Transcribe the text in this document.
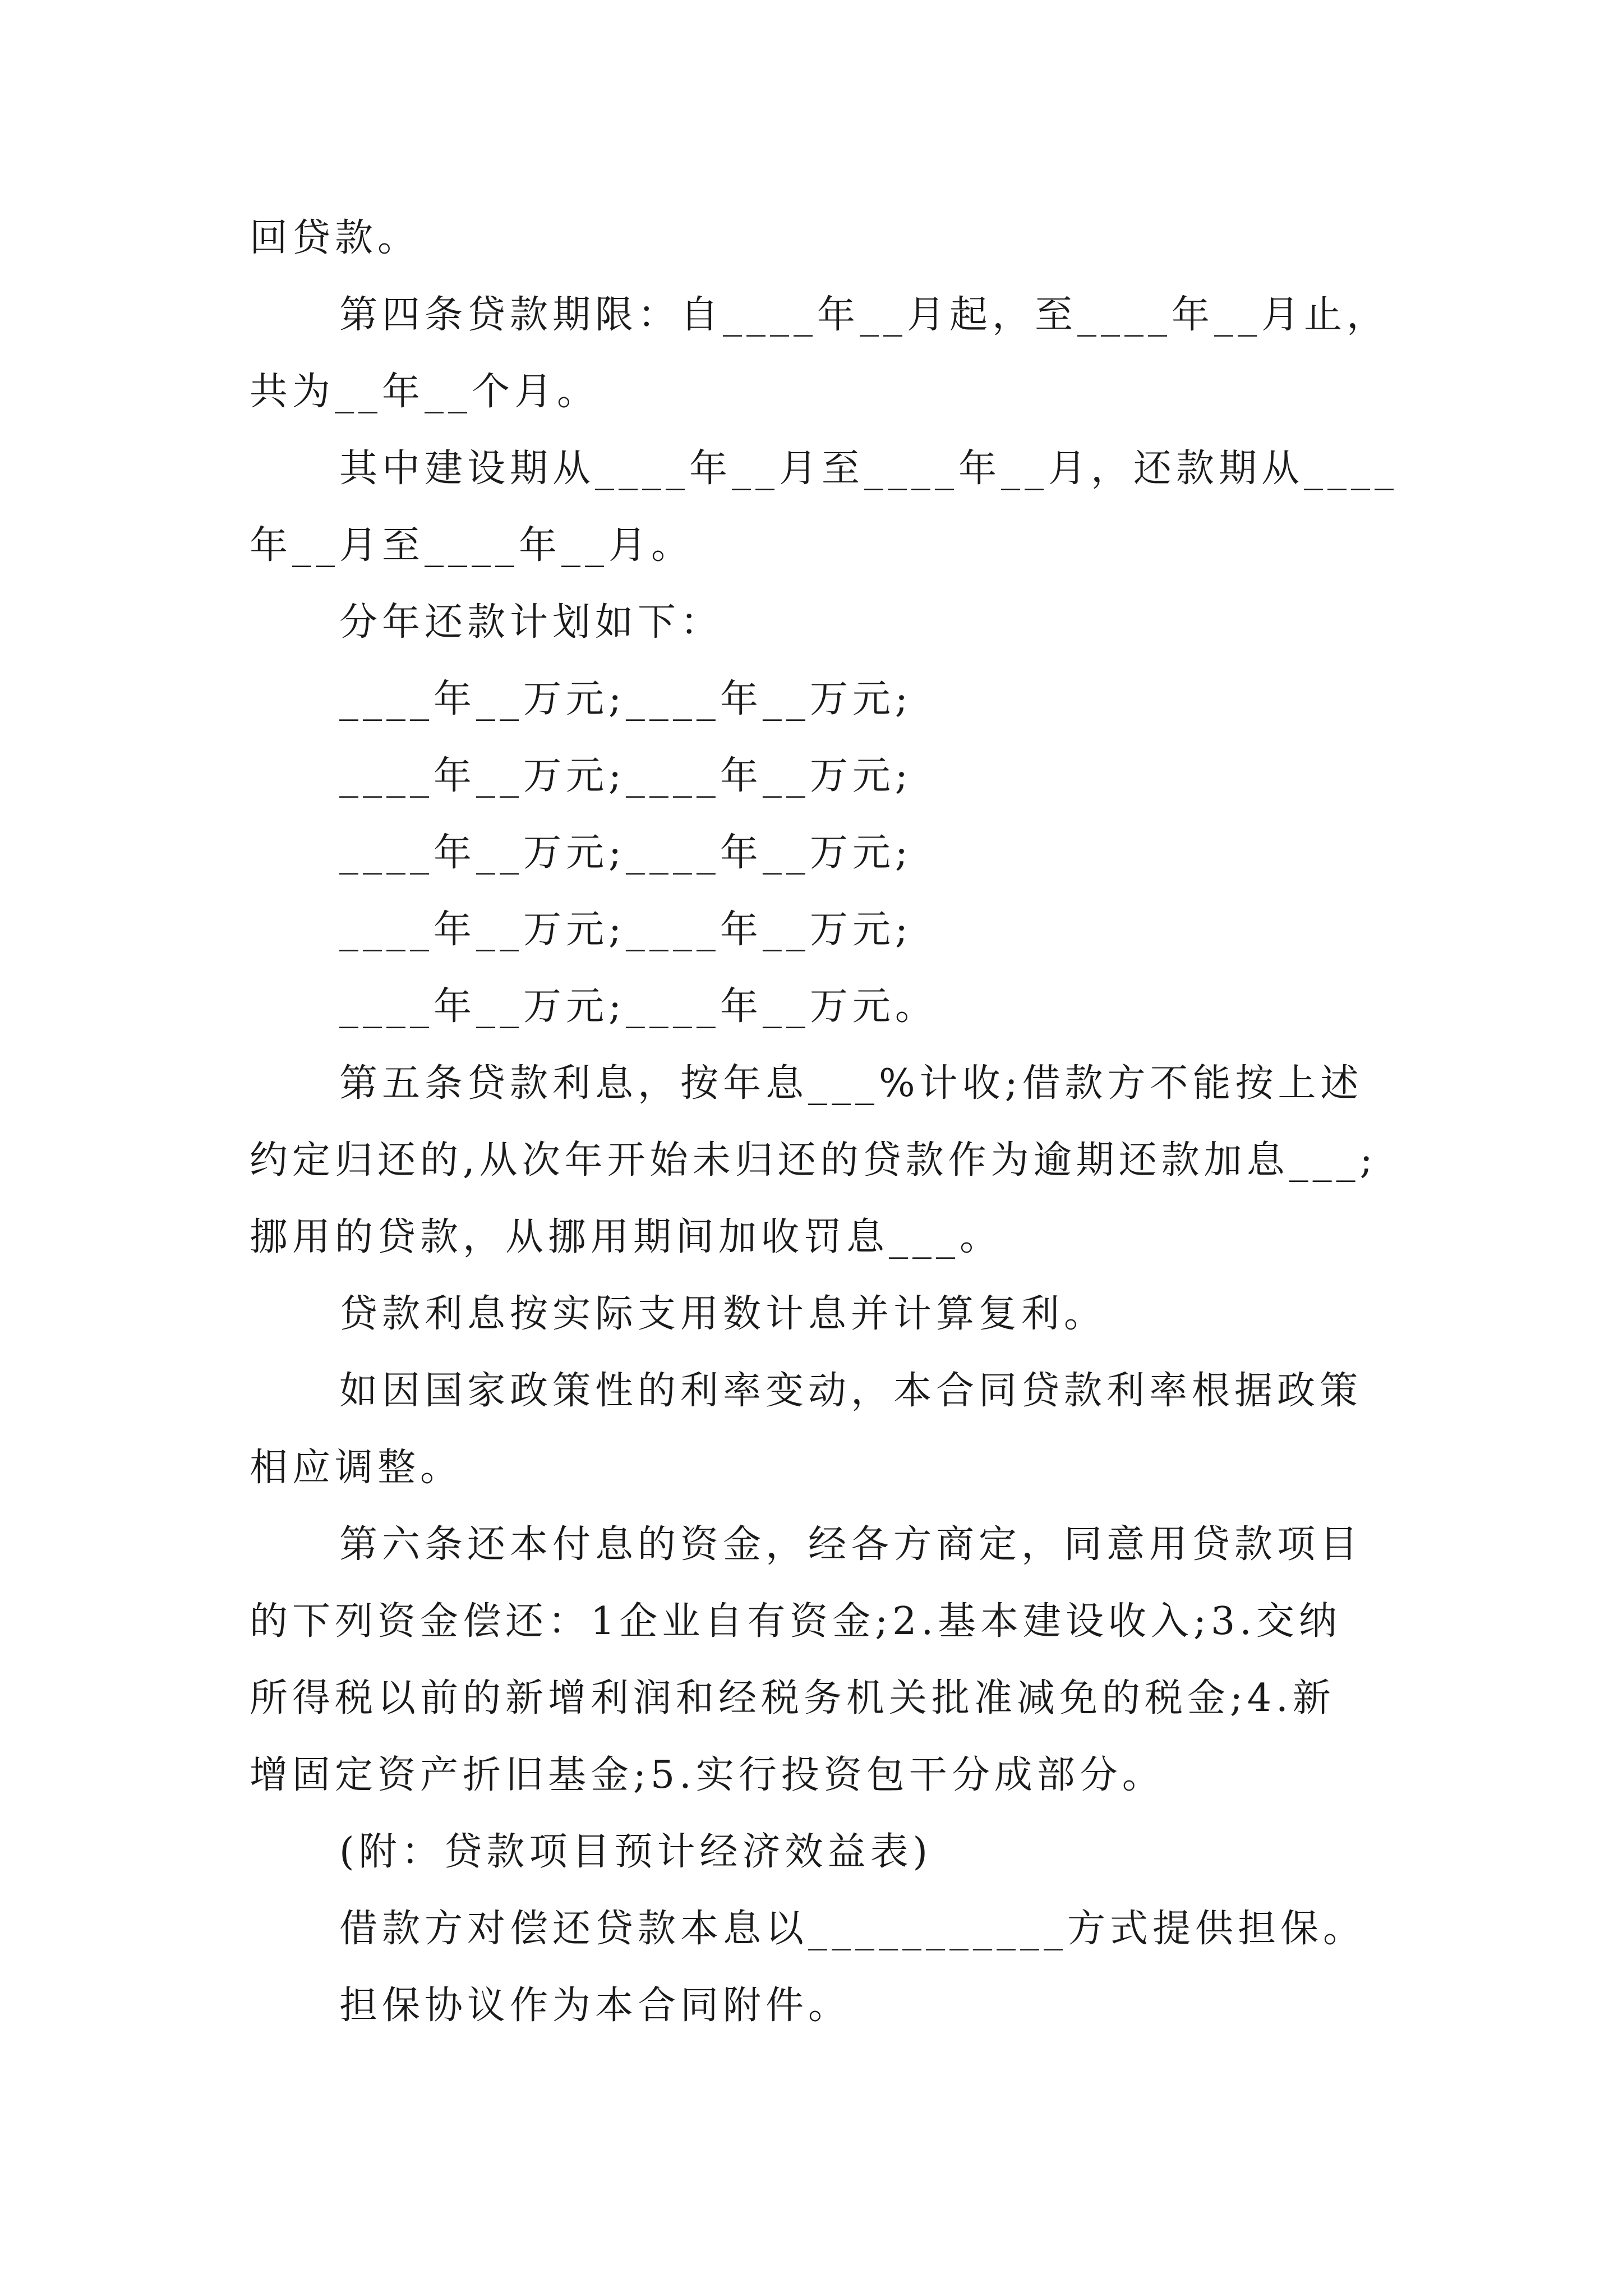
回贷款。
第四条贷款期限：自____年__月起，至____年__月止，
共为__年__个月。
其中建设期从____年__月至____年__月，还款期从____
年__月至____年__月。
分年还款计划如下：
____年__万元;____年__万元;
____年__万元;____年__万元;
____年__万元;____年__万元;
____年__万元;____年__万元;
____年__万元;____年__万元。
第五条贷款利息，按年息___%计收;借款方不能按上述
约定归还的,从次年开始未归还的贷款作为逾期还款加息___;
挪用的贷款，从挪用期间加收罚息___。
贷款利息按实际支用数计息并计算复利。
如因国家政策性的利率变动，本合同贷款利率根据政策
相应调整。
第六条还本付息的资金，经各方商定，同意用贷款项目
的下列资金偿还：1企业自有资金;2.基本建设收入;3.交纳
所得税以前的新增利润和经税务机关批准减免的税金;4.新
增固定资产折旧基金;5.实行投资包干分成部分。
(附：贷款项目预计经济效益表)
借款方对偿还贷款本息以___________方式提供担保。
担保协议作为本合同附件。
